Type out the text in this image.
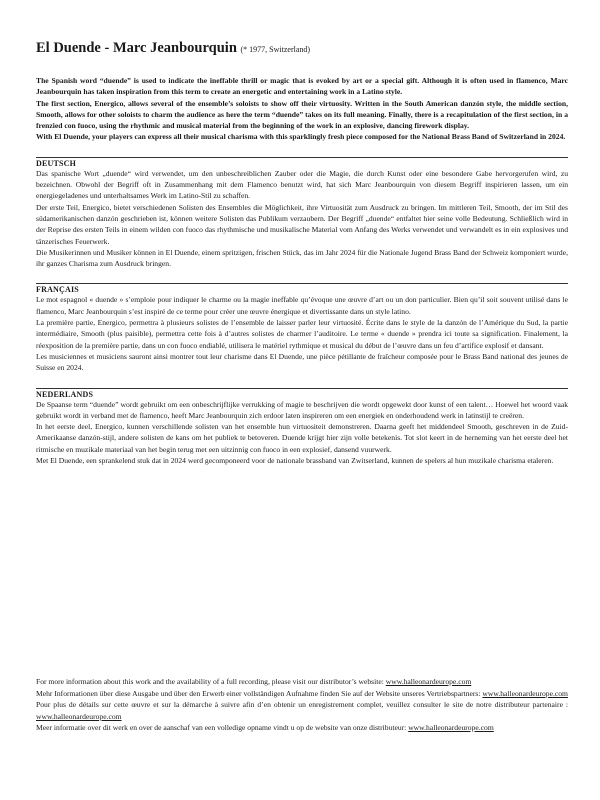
El Duende - Marc Jeanbourquin (* 1977, Switzerland)

The Spanish word “duende” is used to indicate the ineffable thrill or magic that is evoked by art or a special gift. Although it is often used in flamenco, Marc Jeanbourquin has taken inspiration from this term to create an energetic and entertaining work in a Latino style.

The first section, Energico, allows several of the ensemble’s soloists to show off their virtuosity. Written in the South American danzón style, the middle section, Smooth, allows for other soloists to charm the audience as here the term “duende” takes on its full meaning. Finally, there is a recapitulation of the first section, in a frenzied con fuoco, using the rhythmic and musical material from the beginning of the work in an explosive, dancing firework display.

With El Duende, your players can express all their musical charisma with this sparklingly fresh piece composed for the National Brass Band of Switzerland in 2024.

DEUTSCH

Das spanische Wort „duende“ wird verwendet, um den unbeschreiblichen Zauber oder die Magie, die durch Kunst oder eine besondere Gabe hervorgerufen wird, zu bezeichnen. Obwohl der Begriff oft in Zusammenhang mit dem Flamenco benutzt wird, hat sich Marc Jeanbourquin von diesem Begriff inspirieren lassen, um ein energiegeladenes und unterhaltsames Werk im Latino-Stil zu schaffen.

Der erste Teil, Energico, bietet verschiedenen Solisten des Ensembles die Möglichkeit, ihre Virtuosität zum Ausdruck zu bringen. Im mittleren Teil, Smooth, der im Stil des südamerikanischen danzón geschrieben ist, können weitere Solisten das Publikum verzaubern. Der Begriff „duende“ entfaltet hier seine volle Bedeutung. Schließlich wird in der Reprise des ersten Teils in einem wilden con fuoco das rhythmische und musikalische Material vom Anfang des Werks verwendet und verwandelt es in ein explosives und tänzerisches Feuerwerk.

Die Musikerinnen und Musiker können in El Duende, einem spritzigen, frischen Stück, das im Jahr 2024 für die Nationale Jugend Brass Band der Schweiz komponiert wurde, ihr ganzes Charisma zum Ausdruck bringen.

FRANÇAIS

Le mot espagnol « duende » s’emploie pour indiquer le charme ou la magie ineffable qu’évoque une œuvre d’art ou un don particulier. Bien qu’il soit souvent utilisé dans le flamenco, Marc Jeanbourquin s’est inspiré de ce terme pour créer une œuvre énergique et divertissante dans un style latino.

La première partie, Energico, permettra à plusieurs solistes de l’ensemble de laisser parler leur virtuosité. Écrite dans le style de la danzón de l’Amérique du Sud, la partie intermédiaire, Smooth (plus paisible), permettra cette fois à d’autres solistes de charmer l’auditoire. Le terme « duende » prendra ici toute sa signification. Finalement, la réexposition de la première partie, dans un con fuoco endiablé, utilisera le matériel rythmique et musical du début de l’œuvre dans un feu d’artifice explosif et dansant.

Les musiciennes et musiciens sauront ainsi montrer tout leur charisme dans El Duende, une pièce pétillante de fraîcheur composée pour le Brass Band national des jeunes de Suisse en 2024.

NEDERLANDS

De Spaanse term “duende” wordt gebruikt om een onbeschrijflijke verrukking of magie te beschrijven die wordt opgewekt door kunst of een talent… Hoewel het woord vaak gebruikt wordt in verband met de flamenco, heeft Marc Jeanbourquin zich erdoor laten inspireren om een energiek en onderhoudend werk in latinstijl te creëren.

In het eerste deel, Energico, kunnen verschillende solisten van het ensemble hun virtuositeit demonstreren. Daarna geeft het middendeel Smooth, geschreven in de Zuid-Amerikaanse danzón-stijl, andere solisten de kans om het publiek te betoveren. Duende krijgt hier zijn volle betekenis. Tot slot keert in de herneming van het eerste deel het ritmische en muzikale materiaal van het begin terug met een uitzinnig con fuoco in een explosief, dansend vuurwerk.

Met El Duende, een sprankelend stuk dat in 2024 werd gecomponeerd voor de nationale brassband van Zwitserland, kunnen de spelers al hun muzikale charisma etaleren.

For more information about this work and the availability of a full recording, please visit our distributor’s website: www.halleonardeurope.com

Mehr Informationen über diese Ausgabe und über den Erwerb einer vollständigen Aufnahme finden Sie auf der Website unseres Vertriebspartners: www.halleonardeurope.com

Pour plus de détails sur cette œuvre et sur la démarche à suivre afin d’en obtenir un enregistrement complet, veuillez consulter le site de notre distributeur partenaire : www.halleonardeurope.com

Meer informatie over dit werk en over de aanschaf van een volledige opname vindt u op de website van onze distributeur: www.halleonardeurope.com
